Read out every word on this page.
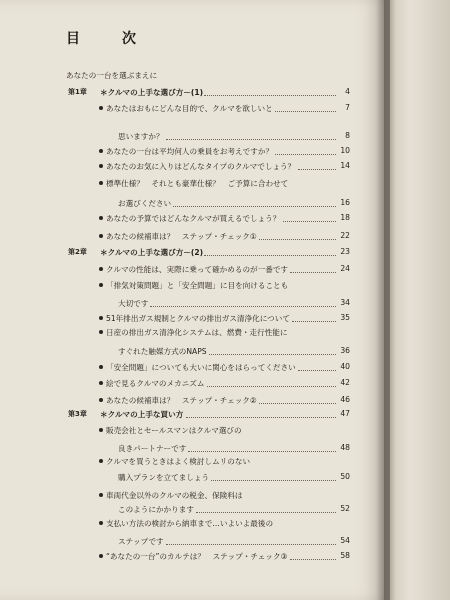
目　次
あなたの一台を選ぶまえに
第1章 ＊クルマの上手な選び方－(1)	4
あなたはおもにどんな目的で、クルマを欲しいと	7
思いますか？	8
あなたの一台は平均何人の乗員をお考えですか？	10
あなたのお気に入りはどんなタイプのクルマでしょう？	14
標準仕様？　それとも豪華仕様？　ご予算に合わせて
お選びください	16
あなたの予算ではどんなクルマが買えるでしょう？	18
あなたの候補車は？　ステップ・チェック①	22
第2章 ＊クルマの上手な選び方－(2)	23
クルマの性能は、実際に乗って確かめるのが一番です	24
「排気対策問題」と「安全問題」に目を向けることも
大切です	34
51年排出ガス規制とクルマの排出ガス清浄化について	35
日産の排出ガス清浄化システムは、燃費・走行性能に
すぐれた触媒方式のNAPS	36
「安全問題」についても大いに関心をはらってください	40
絵で見るクルマのメカニズム	42
あなたの候補車は？　ステップ・チェック②	46
第3章 ＊クルマの上手な買い方	47
販売会社とセールスマンはクルマ選びの
良きパートナーです	48
クルマを買うときはよく検討しムリのない
購入プランを立てましょう	50
車両代金以外のクルマの税金、保険料は
このようにかかります	52
支払い方法の検討から納車まで…いよいよ最後の
ステップです	54
“あなたの一台”のカルテは？　ステップ・チェック③	58
